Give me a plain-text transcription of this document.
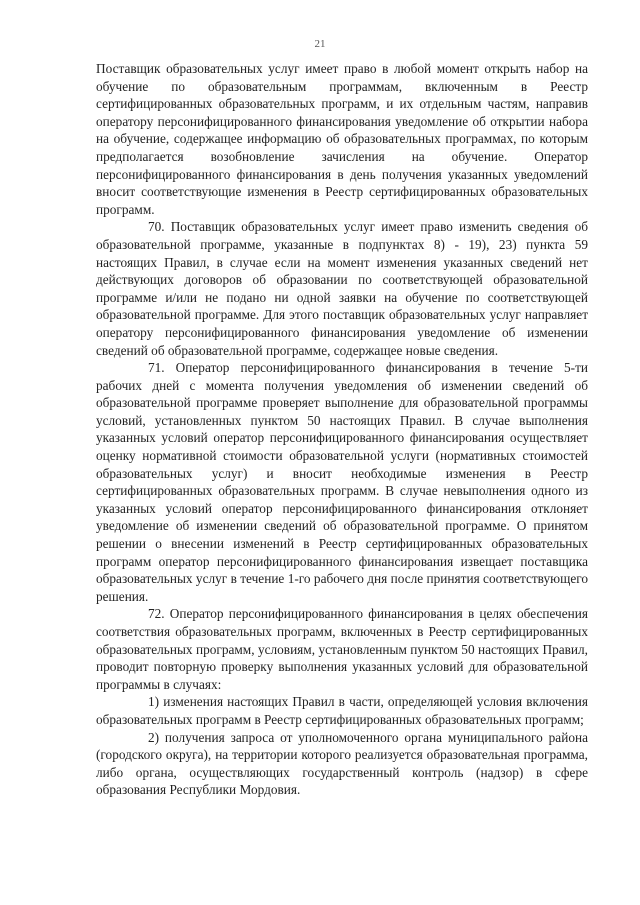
21

Поставщик образовательных услуг имеет право в любой момент открыть набор на обучение по образовательным программам, включенным в Реестр сертифицированных образовательных программ, и их отдельным частям, направив оператору персонифицированного финансирования уведомление об открытии набора на обучение, содержащее информацию об образовательных программах, по которым предполагается возобновление зачисления на обучение. Оператор персонифицированного финансирования в день получения указанных уведомлений вносит соответствующие изменения в Реестр сертифицированных образовательных программ.

70. Поставщик образовательных услуг имеет право изменить сведения об образовательной программе, указанные в подпунктах 8) - 19), 23) пункта 59 настоящих Правил, в случае если на момент изменения указанных сведений нет действующих договоров об образовании по соответствующей образовательной программе и/или не подано ни одной заявки на обучение по соответствующей образовательной программе. Для этого поставщик образовательных услуг направляет оператору персонифицированного финансирования уведомление об изменении сведений об образовательной программе, содержащее новые сведения.

71. Оператор персонифицированного финансирования в течение 5-ти рабочих дней с момента получения уведомления об изменении сведений об образовательной программе проверяет выполнение для образовательной программы условий, установленных пунктом 50 настоящих Правил. В случае выполнения указанных условий оператор персонифицированного финансирования осуществляет оценку нормативной стоимости образовательной услуги (нормативных стоимостей образовательных услуг) и вносит необходимые изменения в Реестр сертифицированных образовательных программ. В случае невыполнения одного из указанных условий оператор персонифицированного финансирования отклоняет уведомление об изменении сведений об образовательной программе. О принятом решении о внесении изменений в Реестр сертифицированных образовательных программ оператор персонифицированного финансирования извещает поставщика образовательных услуг в течение 1-го рабочего дня после принятия соответствующего решения.

72. Оператор персонифицированного финансирования в целях обеспечения соответствия образовательных программ, включенных в Реестр сертифицированных образовательных программ, условиям, установленным пунктом 50 настоящих Правил, проводит повторную проверку выполнения указанных условий для образовательной программы в случаях:

1) изменения настоящих Правил в части, определяющей условия включения образовательных программ в Реестр сертифицированных образовательных программ;

2) получения запроса от уполномоченного органа муниципального района (городского округа), на территории которого реализуется образовательная программа, либо органа, осуществляющих государственный контроль (надзор) в сфере образования Республики Мордовия.
